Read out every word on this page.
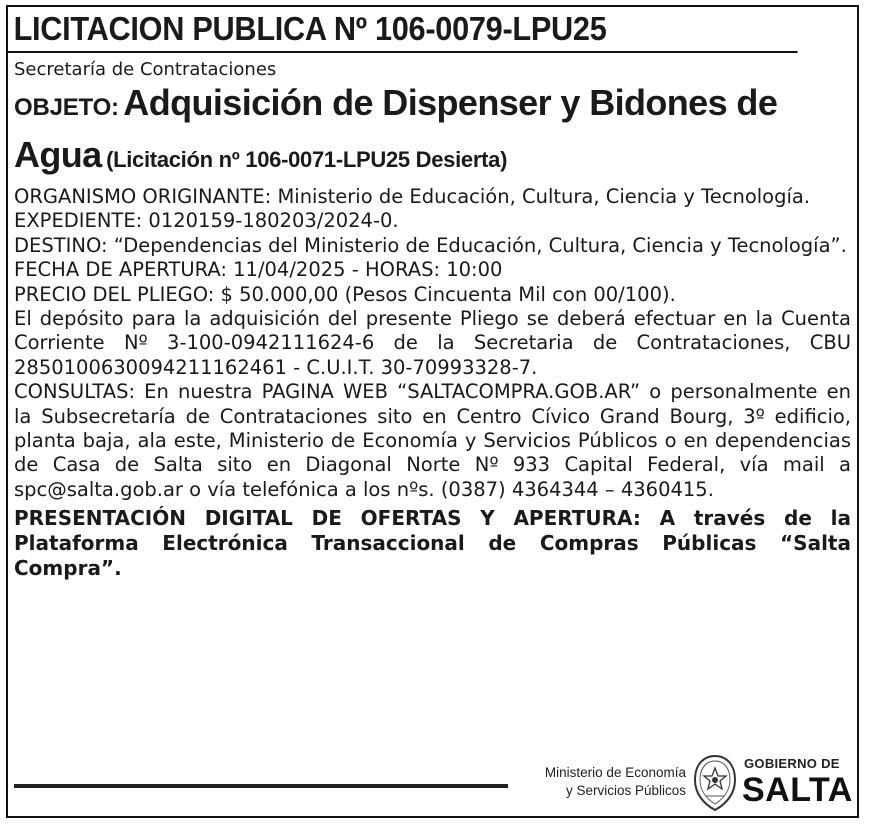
LICITACION PUBLICA Nº 106-0079-LPU25
Secretaría de Contrataciones
OBJETO: Adquisición de Dispenser y Bidones de Agua (Licitación nº 106-0071-LPU25 Desierta)

ORGANISMO ORIGINANTE: Ministerio de Educación, Cultura, Ciencia y Tecnología.

EXPEDIENTE: 0120159-180203/2024-0.

DESTINO: “Dependencias del Ministerio de Educación, Cultura, Ciencia y Tecnología”.

FECHA DE APERTURA: 11/04/2025 - HORAS: 10:00

PRECIO DEL PLIEGO: $ 50.000,00 (Pesos Cincuenta Mil con 00/100).

El depósito para la adquisición del presente Pliego se deberá efectuar en la Cuenta Corriente Nº 3-100-0942111624-6 de la Secretaria de Contrataciones, CBU 2850100630094211162461 - C.U.I.T. 30-70993328-7.

CONSULTAS: En nuestra PAGINA WEB “SALTACOMPRA.GOB.AR” o personalmente en la Subsecretaría de Contrataciones sito en Centro Cívico Grand Bourg, 3º edificio, planta baja, ala este, Ministerio de Economía y Servicios Públicos o en dependencias de Casa de Salta sito en Diagonal Norte Nº 933 Capital Federal, vía mail a spc@salta.gob.ar o vía telefónica a los nºs. (0387) 4364344 – 4360415.

PRESENTACIÓN DIGITAL DE OFERTAS Y APERTURA: A través de la Plataforma Electrónica Transaccional de Compras Públicas “Salta Compra”.
Ministerio de Economía
y Servicios Públicos
GOBIERNO DE
SALTA
